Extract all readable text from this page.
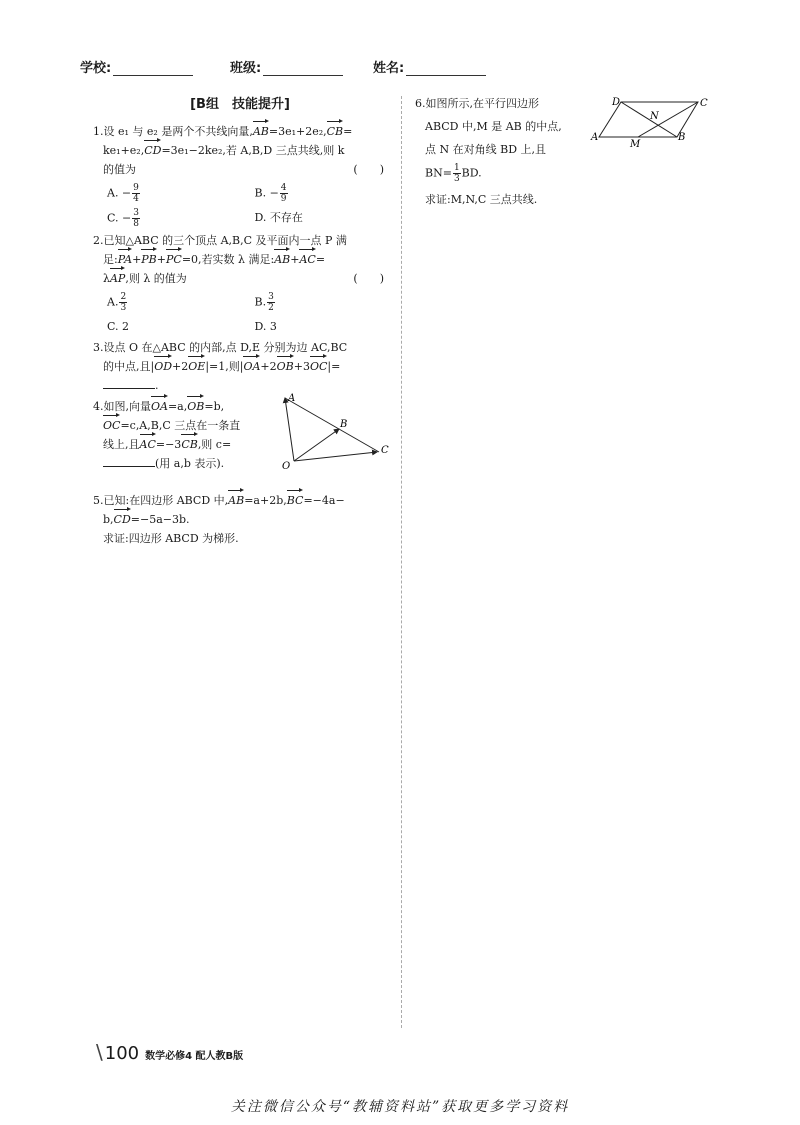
学校:	班级:	姓名:
[B组　技能提升]

1.设 e₁ 与 e₂ 是两个不共线向量,AB=3e₁+2e₂,CB=

ke₁+e₂,CD=3e₁−2ke₂,若 A,B,D 三点共线,则 k

的值为	(　　)

A. − $\frac{9}{4}$	B. − $\frac{4}{9}$
C. − $\frac{3}{8}$	D. 不存在

2.已知△ABC 的三个顶点 A,B,C 及平面内一点 P 满

足:PA+PB+PC=0,若实数 λ 满足:AB+AC=

λAP,则 λ 的值为	(　　)

A. $\frac{2}{3}$	B. $\frac{3}{2}$
C. 2	D. 3

3.设点 O 在△ABC 的内部,点 D,E 分别为边 AC,BC

的中点,且|OD+2OE|=1,则|OA+2OB+3OC|=

.

4.如图,向量OA=a,OB=b,

OC=c,A,B,C 三点在一条直

线上,且AC=−3CB,则 c=

(用 a,b 表示).

A
B
C
O

5.已知:在四边形 ABCD 中,AB=a+2b,BC=−4a−

b,CD=−5a−3b.

求证:四边形 ABCD 为梯形.

6.如图所示,在平行四边形

ABCD 中,M 是 AB 的中点,

点 N 在对角线 BD 上,且

$BN= \frac{1}{3}$ BD.

求证:M,N,C 三点共线.

A	B
C
D
M
N
\ 100 数学必修4 配人教B版
关注微信公众号“教辅资料站”获取更多学习资料
